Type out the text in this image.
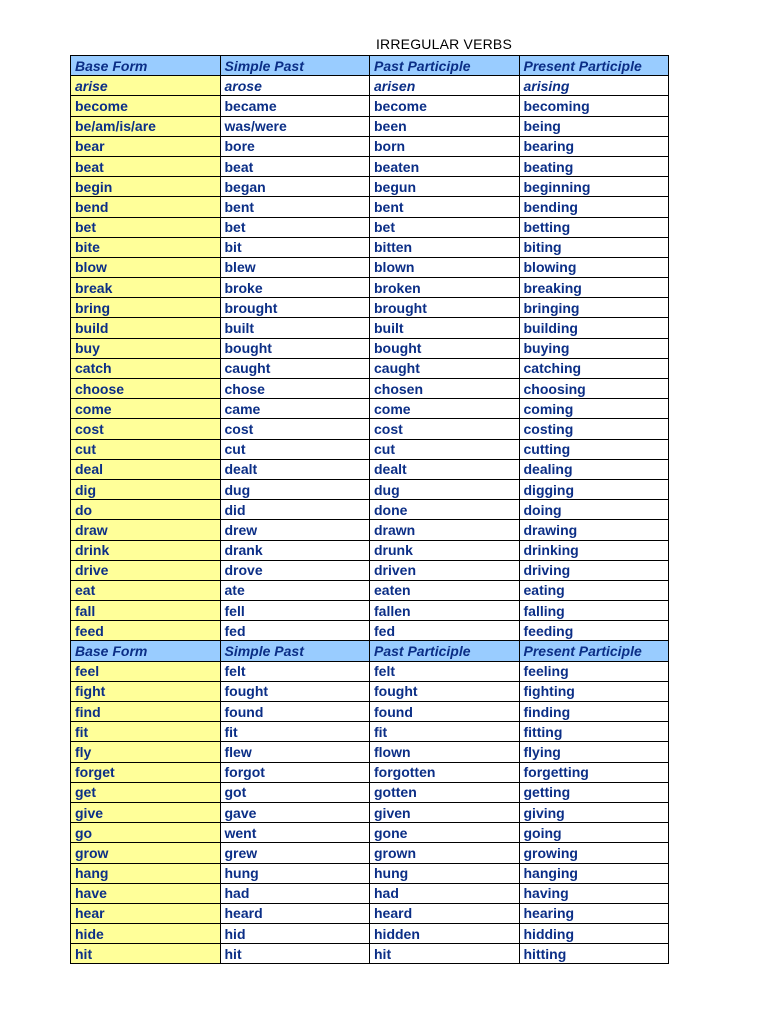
IRREGULAR VERBS
Base Form	Simple Past	Past Participle	Present Participle
arise	arose	arisen	arising
become	became	become	becoming
be/am/is/are	was/were	been	being
bear	bore	born	bearing
beat	beat	beaten	beating
begin	began	begun	beginning
bend	bent	bent	bending
bet	bet	bet	betting
bite	bit	bitten	biting
blow	blew	blown	blowing
break	broke	broken	breaking
bring	brought	brought	bringing
build	built	built	building
buy	bought	bought	buying
catch	caught	caught	catching
choose	chose	chosen	choosing
come	came	come	coming
cost	cost	cost	costing
cut	cut	cut	cutting
deal	dealt	dealt	dealing
dig	dug	dug	digging
do	did	done	doing
draw	drew	drawn	drawing
drink	drank	drunk	drinking
drive	drove	driven	driving
eat	ate	eaten	eating
fall	fell	fallen	falling
feed	fed	fed	feeding
Base Form	Simple Past	Past Participle	Present Participle
feel	felt	felt	feeling
fight	fought	fought	fighting
find	found	found	finding
fit	fit	fit	fitting
fly	flew	flown	flying
forget	forgot	forgotten	forgetting
get	got	gotten	getting
give	gave	given	giving
go	went	gone	going
grow	grew	grown	growing
hang	hung	hung	hanging
have	had	had	having
hear	heard	heard	hearing
hide	hid	hidden	hidding
hit	hit	hit	hitting
